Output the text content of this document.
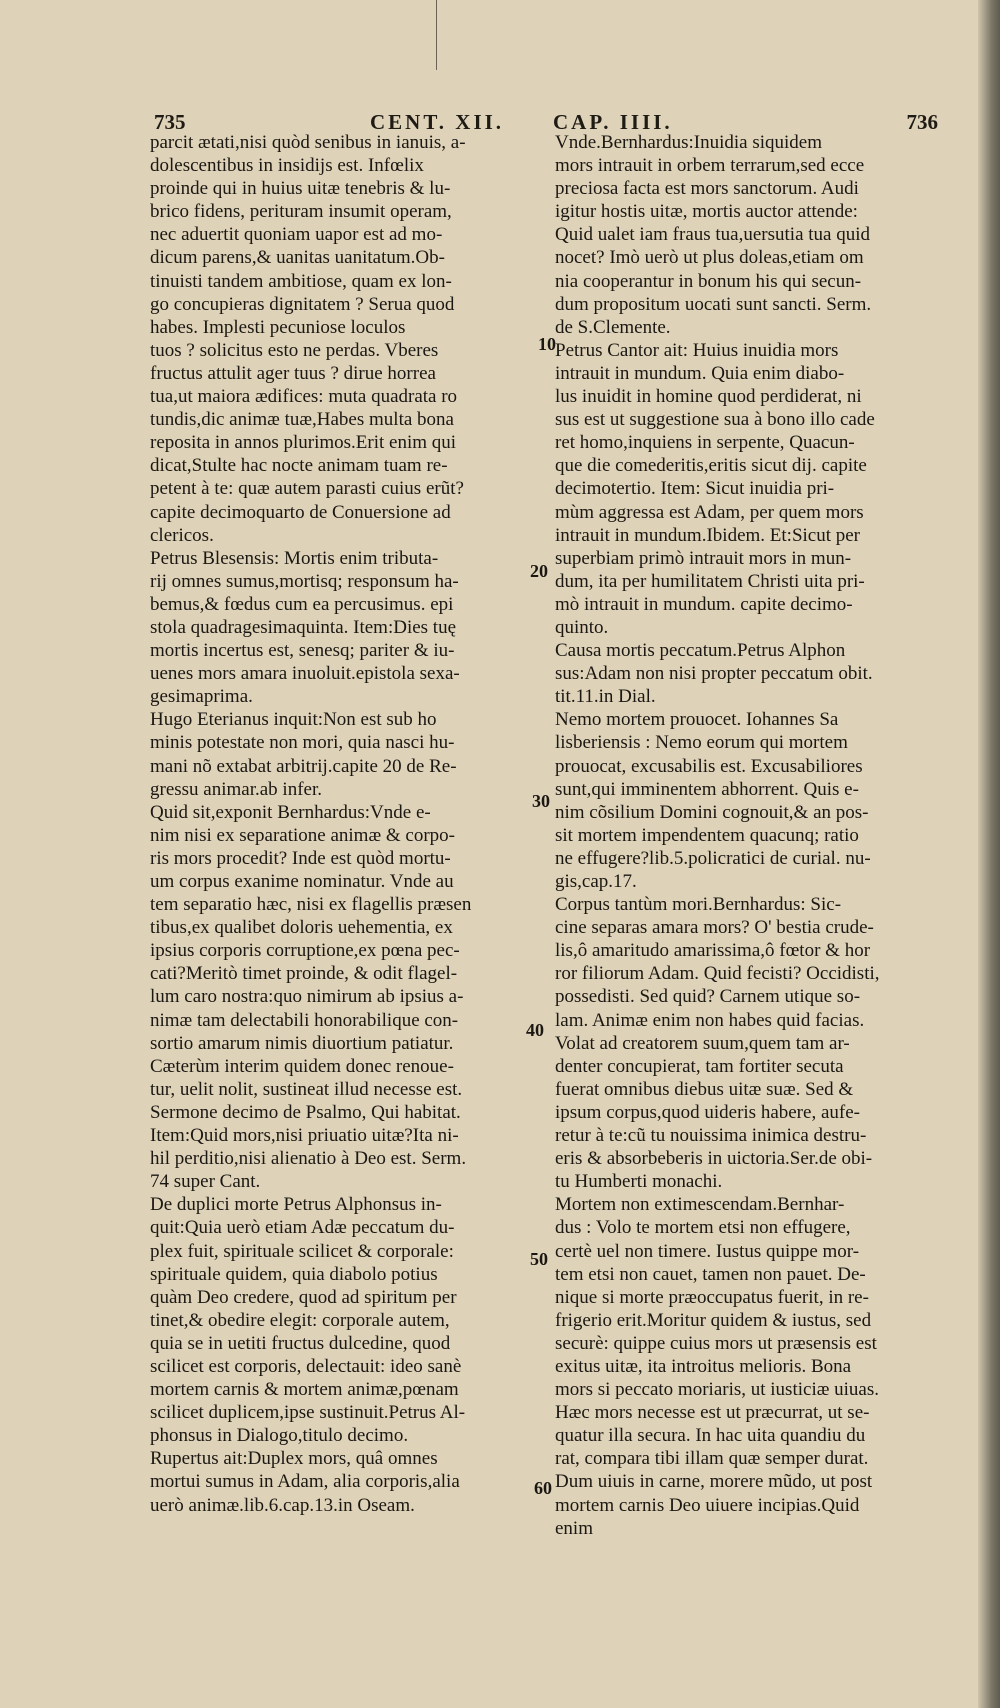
735	CENT. XII. CAP. IIII.	736
parcit ætati,nisi quòd senibus in ianuis, a-
dolescentibus in insidijs est. Infœlix
proinde qui in huius uitæ tenebris & lu-
brico fidens, perituram insumit operam,
nec aduertit quoniam uapor est ad mo-
dicum parens,& uanitas uanitatum.Ob-
tinuisti tandem ambitiose, quam ex lon-
go concupieras dignitatem ? Serua quod
habes. Implesti pecuniose loculos
tuos ? solicitus esto ne perdas. Vberes
fructus attulit ager tuus ? dirue horrea
tua,ut maiora ædifices: muta quadrata ro
tundis,dic animæ tuæ,Habes multa bona
reposita in annos plurimos.Erit enim qui
dicat,Stulte hac nocte animam tuam re-
petent à te: quæ autem parasti cuius erũt?
capite decimoquarto de Conuersione ad
clericos.
Petrus Blesensis: Mortis enim tributa-
rij omnes sumus,mortisq; responsum ha-
bemus,& fœdus cum ea percusimus. epi
stola quadragesimaquinta. Item:Dies tuę
mortis incertus est, senesq; pariter & iu-
uenes mors amara inuoluit.epistola sexa-
gesimaprima.
Hugo Eterianus inquit:Non est sub ho
minis potestate non mori, quia nasci hu-
mani nõ extabat arbitrij.capite 20 de Re-
gressu animar.ab infer.
Quid sit,exponit Bernhardus:Vnde e-
nim nisi ex separatione animæ & corpo-
ris mors procedit? Inde est quòd mortu-
um corpus exanime nominatur. Vnde au
tem separatio hæc, nisi ex flagellis præsen
tibus,ex qualibet doloris uehementia, ex
ipsius corporis corruptione,ex pœna pec-
cati?Meritò timet proinde, & odit flagel-
lum caro nostra:quo nimirum ab ipsius a-
nimæ tam delectabili honorabilique con-
sortio amarum nimis diuortium patiatur.
Cæterùm interim quidem donec renoue-
tur, uelit nolit, sustineat illud necesse est.
Sermone decimo de Psalmo, Qui habitat.
Item:Quid mors,nisi priuatio uitæ?Ita ni-
hil perditio,nisi alienatio à Deo est. Serm.
74 super Cant.
De duplici morte Petrus Alphonsus in-
quit:Quia uerò etiam Adæ peccatum du-
plex fuit, spirituale scilicet & corporale:
spirituale quidem, quia diabolo potius
quàm Deo credere, quod ad spiritum per
tinet,& obedire elegit: corporale autem,
quia se in uetiti fructus dulcedine, quod
scilicet est corporis, delectauit: ideo sanè
mortem carnis & mortem animæ,pœnam
scilicet duplicem,ipse sustinuit.Petrus Al-
phonsus in Dialogo,titulo decimo.
Rupertus ait:Duplex mors, quâ omnes
mortui sumus in Adam, alia corporis,alia
uerò animæ.lib.6.cap.13.in Oseam.
Vnde.Bernhardus:Inuidia siquidem
mors intrauit in orbem terrarum,sed ecce
preciosa facta est mors sanctorum. Audi
igitur hostis uitæ, mortis auctor attende:
Quid ualet iam fraus tua,uersutia tua quid
nocet? Imò uerò ut plus doleas,etiam om
nia cooperantur in bonum his qui secun-
dum propositum uocati sunt sancti. Serm.
de S.Clemente.
Petrus Cantor ait: Huius inuidia mors
intrauit in mundum. Quia enim diabo-
lus inuidit in homine quod perdiderat, ni
sus est ut suggestione sua à bono illo cade
ret homo,inquiens in serpente, Quacun-
que die comederitis,eritis sicut dij. capite
decimotertio. Item: Sicut inuidia pri-
mùm aggressa est Adam, per quem mors
intrauit in mundum.Ibidem. Et:Sicut per
superbiam primò intrauit mors in mun-
dum, ita per humilitatem Christi uita pri-
mò intrauit in mundum. capite decimo-
quinto.
Causa mortis peccatum.Petrus Alphon
sus:Adam non nisi propter peccatum obit.
tit.11.in Dial.
Nemo mortem prouocet. Iohannes Sa
lisberiensis : Nemo eorum qui mortem
prouocat, excusabilis est. Excusabiliores
sunt,qui imminentem abhorrent. Quis e-
nim cõsilium Domini cognouit,& an pos-
sit mortem impendentem quacunq; ratio
ne effugere?lib.5.policratici de curial. nu-
gis,cap.17.
Corpus tantùm mori.Bernhardus: Sic-
cine separas amara mors? O' bestia crude-
lis,ô amaritudo amarissima,ô fœtor & hor
ror filiorum Adam. Quid fecisti? Occidisti,
possedisti. Sed quid? Carnem utique so-
lam. Animæ enim non habes quid facias.
Volat ad creatorem suum,quem tam ar-
denter concupierat, tam fortiter secuta
fuerat omnibus diebus uitæ suæ. Sed &
ipsum corpus,quod uideris habere, aufe-
retur à te:cũ tu nouissima inimica destru-
eris & absorbeberis in uictoria.Ser.de obi-
tu Humberti monachi.
Mortem non extimescendam.Bernhar-
dus : Volo te mortem etsi non effugere,
certè uel non timere. Iustus quippe mor-
tem etsi non cauet, tamen non pauet. De-
nique si morte præoccupatus fuerit, in re-
frigerio erit.Moritur quidem & iustus, sed
securè: quippe cuius mors ut præsensis est
exitus uitæ, ita introitus melioris. Bona
mors si peccato moriaris, ut iusticiæ uiuas.
Hæc mors necesse est ut præcurrat, ut se-
quatur illa secura. In hac uita quandiu du
rat, compara tibi illam quæ semper durat.
Dum uiuis in carne, morere mũdo, ut post
mortem carnis Deo uiuere incipias.Quid
enim
10
20
30
40
50
60
